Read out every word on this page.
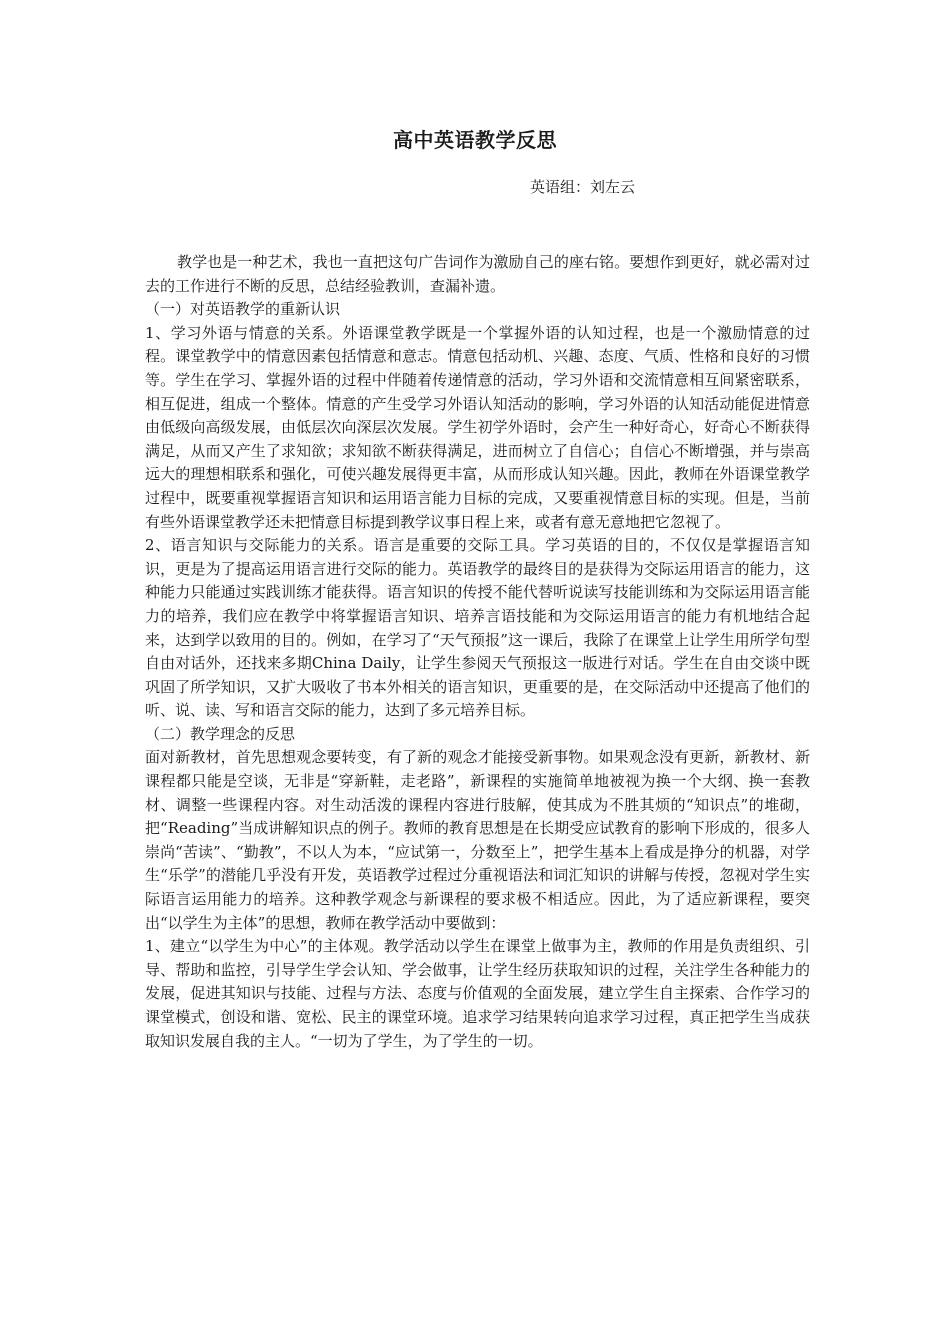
高中英语教学反思
英语组：刘左云

教学也是一种艺术，我也一直把这句广告词作为激励自己的座右铭。要想作到更好，就必需对过去的工作进行不断的反思，总结经验教训，查漏补遗。

（一）对英语教学的重新认识

1、学习外语与情意的关系。外语课堂教学既是一个掌握外语的认知过程，也是一个激励情意的过程。课堂教学中的情意因素包括情意和意志。情意包括动机、兴趣、态度、气质、性格和良好的习惯等。学生在学习、掌握外语的过程中伴随着传递情意的活动，学习外语和交流情意相互间紧密联系，相互促进，组成一个整体。情意的产生受学习外语认知活动的影响，学习外语的认知活动能促进情意由低级向高级发展，由低层次向深层次发展。学生初学外语时，会产生一种好奇心，好奇心不断获得满足，从而又产生了求知欲；求知欲不断获得满足，进而树立了自信心；自信心不断增强，并与崇高远大的理想相联系和强化，可使兴趣发展得更丰富，从而形成认知兴趣。因此，教师在外语课堂教学过程中，既要重视掌握语言知识和运用语言能力目标的完成，又要重视情意目标的实现。但是，当前有些外语课堂教学还未把情意目标提到教学议事日程上来，或者有意无意地把它忽视了。

2、语言知识与交际能力的关系。语言是重要的交际工具。学习英语的目的，不仅仅是掌握语言知识，更是为了提高运用语言进行交际的能力。英语教学的最终目的是获得为交际运用语言的能力，这种能力只能通过实践训练才能获得。语言知识的传授不能代替听说读写技能训练和为交际运用语言能力的培养，我们应在教学中将掌握语言知识、培养言语技能和为交际运用语言的能力有机地结合起来，达到学以致用的目的。例如，在学习了“天气预报”这一课后，我除了在课堂上让学生用所学句型自由对话外，还找来多期China Daily，让学生参阅天气预报这一版进行对话。学生在自由交谈中既巩固了所学知识，又扩大吸收了书本外相关的语言知识，更重要的是，在交际活动中还提高了他们的听、说、读、写和语言交际的能力，达到了多元培养目标。

（二）教学理念的反思

面对新教材，首先思想观念要转变，有了新的观念才能接受新事物。如果观念没有更新，新教材、新课程都只能是空谈，无非是“穿新鞋，走老路”，新课程的实施简单地被视为换一个大纲、换一套教材、调整一些课程内容。对生动活泼的课程内容进行肢解，使其成为不胜其烦的“知识点”的堆砌，把“Reading”当成讲解知识点的例子。教师的教育思想是在长期受应试教育的影响下形成的，很多人崇尚“苦读”、“勤教”，不以人为本，“应试第一，分数至上”，把学生基本上看成是挣分的机器，对学生“乐学”的潜能几乎没有开发，英语教学过程过分重视语法和词汇知识的讲解与传授，忽视对学生实际语言运用能力的培养。这种教学观念与新课程的要求极不相适应。因此，为了适应新课程，要突出“以学生为主体”的思想，教师在教学活动中要做到：

1、建立“以学生为中心”的主体观。教学活动以学生在课堂上做事为主，教师的作用是负责组织、引导、帮助和监控，引导学生学会认知、学会做事，让学生经历获取知识的过程，关注学生各种能力的发展，促进其知识与技能、过程与方法、态度与价值观的全面发展，建立学生自主探索、合作学习的课堂模式，创设和谐、宽松、民主的课堂环境。追求学习结果转向追求学习过程，真正把学生当成获取知识发展自我的主人。“一切为了学生，为了学生的一切。
